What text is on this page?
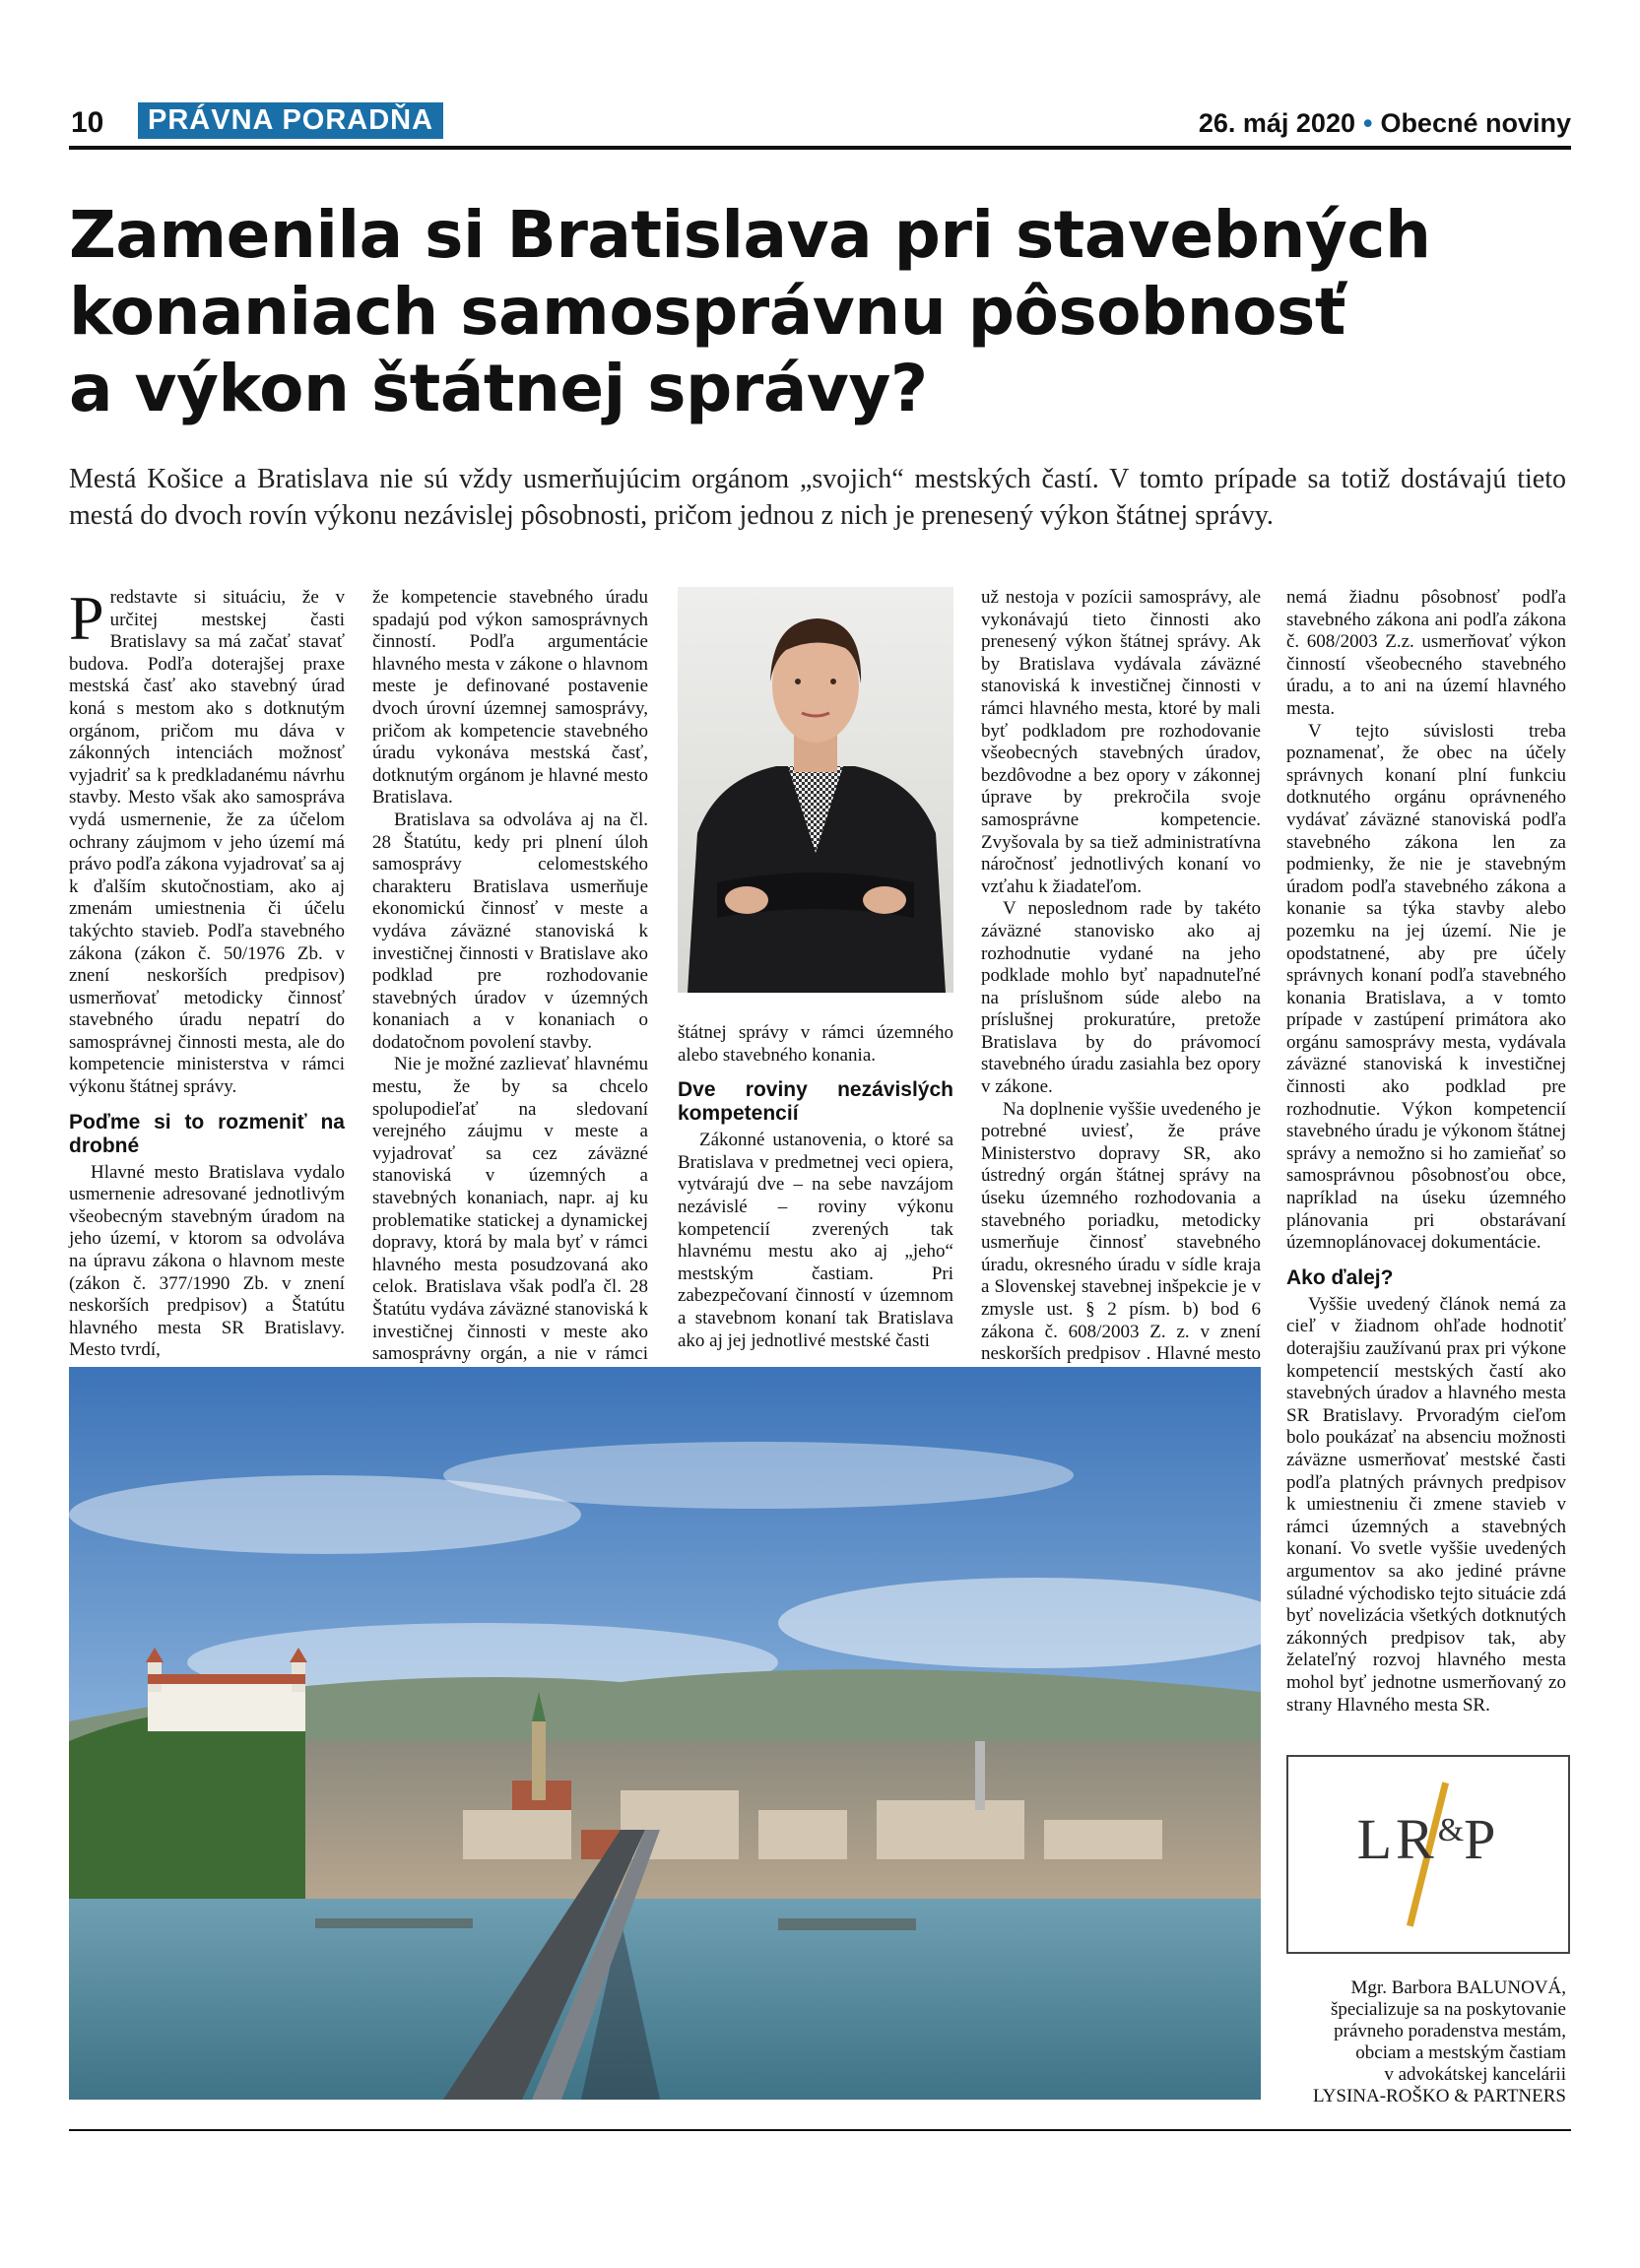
10	PRÁVNA PORADŇA	26. máj 2020 • Obecné noviny
Zamenila si Bratislava pri stavebných
konaniach samosprávnu pôsobnosť
a výkon štátnej správy?
Mestá Košice a Bratislava nie sú vždy usmerňujúcim orgánom „svojich“ mestských častí. V tomto prípade sa totiž dostávajú tieto mestá do dvoch rovín výkonu nezávislej pôsobnosti, pričom jednou z nich je prenesený výkon štátnej správy.

Predstavte si situáciu, že v určitej mestskej časti Bratislavy sa má začať stavať budova. Podľa doterajšej praxe mestská časť ako stavebný úrad koná s mestom ako s dotknutým orgánom, pričom mu dáva v zákonných intenciách možnosť vyjadriť sa k predkladanému návrhu stavby. Mesto však ako samospráva vydá usmernenie, že za účelom ochrany záujmom v jeho území má právo podľa zákona vyjadrovať sa aj k ďalším skutočnostiam, ako aj zmenám umiestnenia či účelu takýchto stavieb. Podľa stavebného zákona (zákon č. 50/1976 Zb. v znení neskorších predpisov) usmerňovať metodicky činnosť stavebného úradu nepatrí do samosprávnej činnosti mesta, ale do kompetencie ministerstva v rámci výkonu štátnej správy.

Poďme si to rozmeniť na drobné

Hlavné mesto Bratislava vydalo usmernenie adresované jednotlivým všeobecným stavebným úradom na jeho území, v ktorom sa odvoláva na úpravu zákona o hlavnom meste (zákon č. 377/1990 Zb. v znení neskorších predpisov) a Štatútu hlavného mesta SR Bratislavy. Mesto tvrdí,

že kompetencie stavebného úradu spadajú pod výkon samosprávnych činností. Podľa argumentácie hlavného mesta v zákone o hlavnom meste je definované postavenie dvoch úrovní územnej samosprávy, pričom ak kompetencie stavebného úradu vykonáva mestská časť, dotknutým orgánom je hlavné mesto Bratislava.

Bratislava sa odvoláva aj na čl. 28 Štatútu, kedy pri plnení úloh samosprávy celomestského charakteru Bratislava usmerňuje ekonomickú činnosť v meste a vydáva záväzné stanoviská k investičnej činnosti v Bratislave ako podklad pre rozhodovanie stavebných úradov v územných konaniach a v konaniach o dodatočnom povolení stavby.

Nie je možné zazlievať hlavnému mestu, že by sa chcelo spolupodieľať na sledovaní verejného záujmu v meste a vyjadrovať sa cez záväzné stanoviská v územných a stavebných konaniach, napr. aj ku problematike statickej a dynamickej dopravy, ktorá by mala byť v rámci hlavného mesta posudzovaná ako celok. Bratislava však podľa čl. 28 Štatútu vydáva záväzné stanoviská k investičnej činnosti v meste ako samosprávny orgán, a nie v rámci

štátnej správy v rámci územného alebo stavebného konania.

Dve roviny nezávislých kompetencií

Zákonné ustanovenia, o ktoré sa Bratislava v predmetnej veci opiera, vytvárajú dve – na sebe navzájom nezávislé – roviny výkonu kompetencií zverených tak hlavnému mestu ako aj „jeho“ mestským častiam. Pri zabezpečovaní činností v územnom a stavebnom konaní tak Bratislava ako aj jej jednotlivé mestské časti

už nestoja v pozícii samosprávy, ale vykonávajú tieto činnosti ako prenesený výkon štátnej správy. Ak by Bratislava vydávala záväzné stanoviská k investičnej činnosti v rámci hlavného mesta, ktoré by mali byť podkladom pre rozhodovanie všeobecných stavebných úradov, bezdôvodne a bez opory v zákonnej úprave by prekročila svoje samosprávne kompetencie. Zvyšovala by sa tiež administratívna náročnosť jednotlivých konaní vo vzťahu k žiadateľom.

V neposlednom rade by takéto záväzné stanovisko ako aj rozhodnutie vydané na jeho podklade mohlo byť napadnuteľné na príslušnom súde alebo na príslušnej prokuratúre, pretože Bratislava by do právomocí stavebného úradu zasiahla bez opory v zákone.

Na doplnenie vyššie uvedeného je potrebné uviesť, že práve Ministerstvo dopravy SR, ako ústredný orgán štátnej správy na úseku územného rozhodovania a stavebného poriadku, metodicky usmerňuje činnosť stavebného úradu, okresného úradu v sídle kraja a Slovenskej stavebnej inšpekcie je v zmysle ust. § 2 písm. b) bod 6 zákona č. 608/2003 Z. z. v znení neskorších predpisov . Hlavné mesto

nemá žiadnu pôsobnosť podľa stavebného zákona ani podľa zákona č. 608/2003 Z.z. usmerňovať výkon činností všeobecného stavebného úradu, a to ani na území hlavného mesta.

V tejto súvislosti treba poznamenať, že obec na účely správnych konaní plní funkciu dotknutého orgánu oprávneného vydávať záväzné stanoviská podľa stavebného zákona len za podmienky, že nie je stavebným úradom podľa stavebného zákona a konanie sa týka stavby alebo pozemku na jej území. Nie je opodstatnené, aby pre účely správnych konaní podľa stavebného konania Bratislava, a v tomto prípade v zastúpení primátora ako orgánu samosprávy mesta, vydávala záväzné stanoviská k investičnej činnosti ako podklad pre rozhodnutie. Výkon kompetencií stavebného úradu je výkonom štátnej správy a nemožno si ho zamieňať so samosprávnou pôsobnosťou obce, napríklad na úseku územného plánovania pri obstarávaní územnoplánovacej dokumentácie.

Ako ďalej?

Vyššie uvedený článok nemá za cieľ v žiadnom ohľade hodnotiť doterajšiu zaužívanú prax pri výkone kompetencií mestských častí ako stavebných úradov a hlavného mesta SR Bratislavy. Prvoradým cieľom bolo poukázať na absenciu možnosti záväzne usmerňovať mestské časti podľa platných právnych predpisov k umiestneniu či zmene stavieb v rámci územných a stavebných konaní. Vo svetle vyššie uvedených argumentov sa ako jediné právne súladné východisko tejto situácie zdá byť novelizácia všetkých dotknutých zákonných predpisov tak, aby želateľný rozvoj hlavného mesta mohol byť jednotne usmerňovaný zo strany Hlavného mesta SR.

LR&P
Mgr. Barbora BALUNOVÁ,
špecializuje sa na poskytovanie
právneho poradenstva mestám,
obciam a mestským častiam
v advokátskej kancelárii
LYSINA-ROŠKO & PARTNERS
